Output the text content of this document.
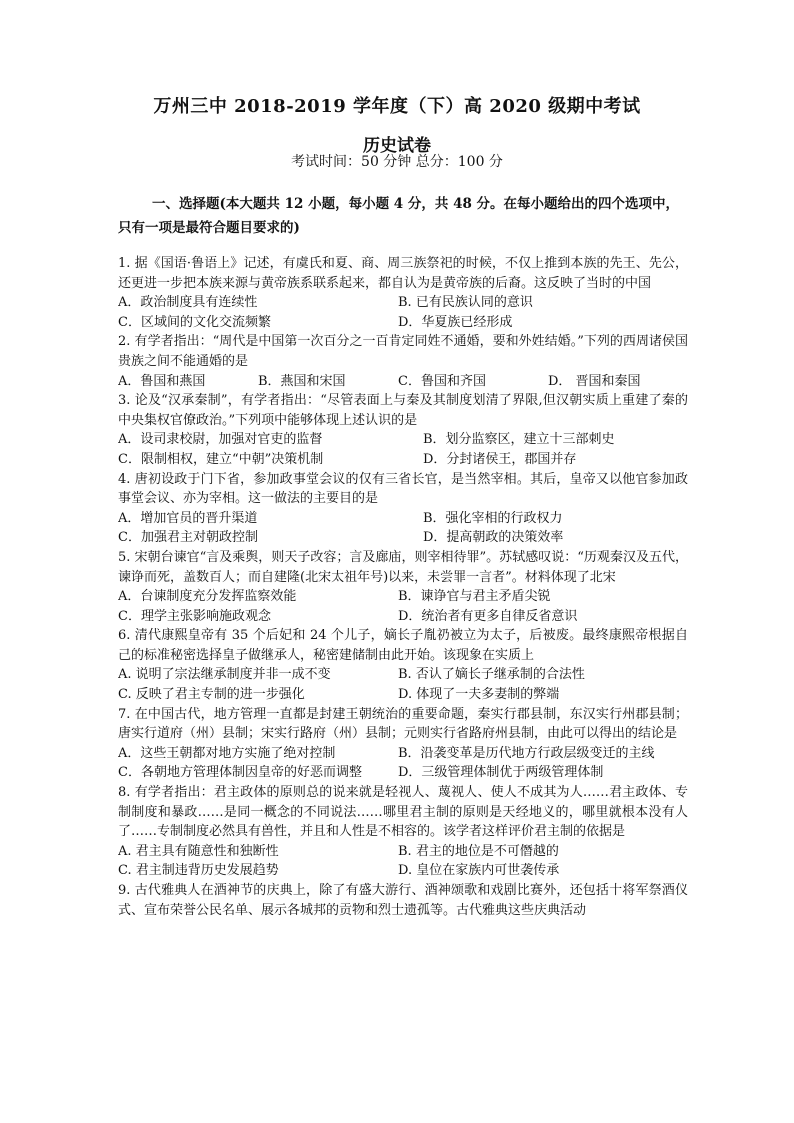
万州三中 2018-2019 学年度（下）高 2020 级期中考试
历史试卷
考试时间：50 分钟 总分：100 分
一、选择题(本大题共 12 小题，每小题 4 分，共 48 分。在每小题给出的四个选项中，只有一项是最符合题目要求的)
1. 据《国语·鲁语上》记述，有虞氏和夏、商、周三族祭祀的时候，不仅上推到本族的先王、先公，还更进一步把本族来源与黄帝族系联系起来，都自认为是黄帝族的后裔。这反映了当时的中国
A．政治制度具有连续性	B. 已有民族认同的意识
C．区域间的文化交流频繁	D．华夏族已经形成
2. 有学者指出：“周代是中国第一次百分之一百肯定同姓不通婚，要和外姓结婚。”下列的西周诸侯国贵族之间不能通婚的是
A．鲁国和燕国	B．燕国和宋国	C．鲁国和齐国	D． 晋国和秦国
3. 论及“汉承秦制”，有学者指出：“尽管表面上与秦及其制度划清了界限,但汉朝实质上重建了秦的中央集权官僚政治。”下列项中能够体现上述认识的是
A．设司隶校尉，加强对官吏的监督	B．划分监察区，建立十三部刺史
C．限制相权，建立“中朝”决策机制	D．分封诸侯王，郡国并存
4. 唐初设政于门下省，参加政事堂会议的仅有三省长官，是当然宰相。其后，皇帝又以他官参加政事堂会议、亦为宰相。这一做法的主要目的是
A．增加官员的晋升渠道	B．强化宰相的行政权力
C．加强君主对朝政控制	D．提高朝政的决策效率
5. 宋朝台谏官“言及乘舆，则天子改容；言及廊庙，则宰相待罪”。苏轼感叹说：“历观秦汉及五代，谏诤而死，盖数百人；而自建隆(北宋太祖年号)以来，未尝罪一言者”。材料体现了北宋
A．台谏制度充分发挥监察效能	B．谏诤官与君主矛盾尖锐
C．理学主张影响施政观念	D．统治者有更多自律反省意识
6. 清代康熙皇帝有 35 个后妃和 24 个儿子，嫡长子胤礽被立为太子，后被废。最终康熙帝根据自己的标准秘密选择皇子做继承人，秘密建储制由此开始。该现象在实质上
A. 说明了宗法继承制度并非一成不变	B. 否认了嫡长子继承制的合法性
C. 反映了君主专制的进一步强化	D. 体现了一夫多妻制的弊端
7. 在中国古代，地方管理一直都是封建王朝统治的重要命题，秦实行郡县制，东汉实行州郡县制；唐实行道府（州）县制；宋实行路府（州）县制；元则实行省路府州县制，由此可以得出的结论是
A．这些王朝都对地方实施了绝对控制	B．沿袭变革是历代地方行政层级变迁的主线
C．各朝地方管理体制因皇帝的好恶而调整	D．三级管理体制优于两级管理体制
8. 有学者指出：君主政体的原则总的说来就是轻视人、蔑视人、使人不成其为人……君主政体、专制制度和暴政……是同一概念的不同说法……哪里君主制的原则是天经地义的，哪里就根本没有人了……专制制度必然具有兽性，并且和人性是不相容的。该学者这样评价君主制的依据是
A. 君主具有随意性和独断性	B. 君主的地位是不可僭越的
C. 君主制违背历史发展趋势	D. 皇位在家族内可世袭传承
9. 古代雅典人在酒神节的庆典上，除了有盛大游行、酒神颂歌和戏剧比赛外，还包括十将军祭酒仪式、宣布荣誉公民名单、展示各城邦的贡物和烈士遗孤等。古代雅典这些庆典活动
